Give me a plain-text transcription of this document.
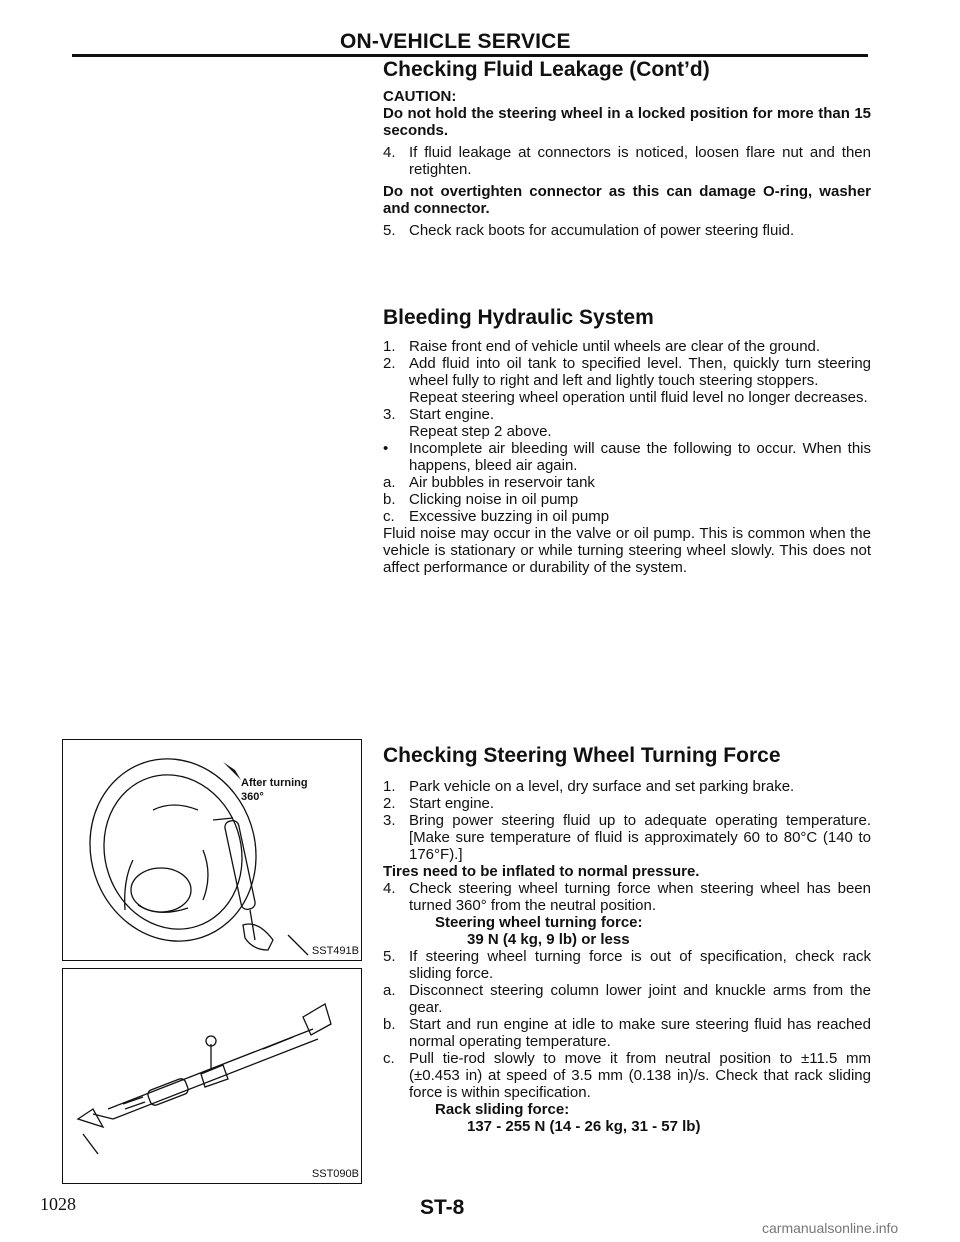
ON-VEHICLE SERVICE
Checking Fluid Leakage (Cont’d)

CAUTION:

Do not hold the steering wheel in a locked position for more than 15 seconds.

4. If fluid leakage at connectors is noticed, loosen flare nut and then retighten.

Do not overtighten connector as this can damage O-ring, washer and connector.

5. Check rack boots for accumulation of power steering fluid.
Bleeding Hydraulic System
1. Raise front end of vehicle until wheels are clear of the ground.
2. Add fluid into oil tank to specified level. Then, quickly turn steering wheel fully to right and left and lightly touch steering stoppers.
Repeat steering wheel operation until fluid level no longer decreases.
3. Start engine.
Repeat step 2 above.
•	Incomplete air bleeding will cause the following to occur. When this happens, bleed air again.
a. Air bubbles in reservoir tank
b. Clicking noise in oil pump
c. Excessive buzzing in oil pump

Fluid noise may occur in the valve or oil pump. This is common when the vehicle is stationary or while turning steering wheel slowly. This does not affect performance or durability of the system.

After turning
360°
SST491B
SST090B
Checking Steering Wheel Turning Force
1. Park vehicle on a level, dry surface and set parking brake.
2. Start engine.
3. Bring power steering fluid up to adequate operating temperature. [Make sure temperature of fluid is approximately 60 to 80°C (140 to 176°F).]

Tires need to be inflated to normal pressure.

4. Check steering wheel turning force when steering wheel has been turned 360° from the neutral position.

Steering wheel turning force:

39 N (4 kg, 9 lb) or less

5. If steering wheel turning force is out of specification, check rack sliding force.
a. Disconnect steering column lower joint and knuckle arms from the gear.
b. Start and run engine at idle to make sure steering fluid has reached normal operating temperature.
c. Pull tie-rod slowly to move it from neutral position to ±11.5 mm (±0.453 in) at speed of 3.5 mm (0.138 in)/s. Check that rack sliding force is within specification.

Rack sliding force:

137 - 255 N (14 - 26 kg, 31 - 57 lb)

1028	ST-8
carmanualsonline.info
